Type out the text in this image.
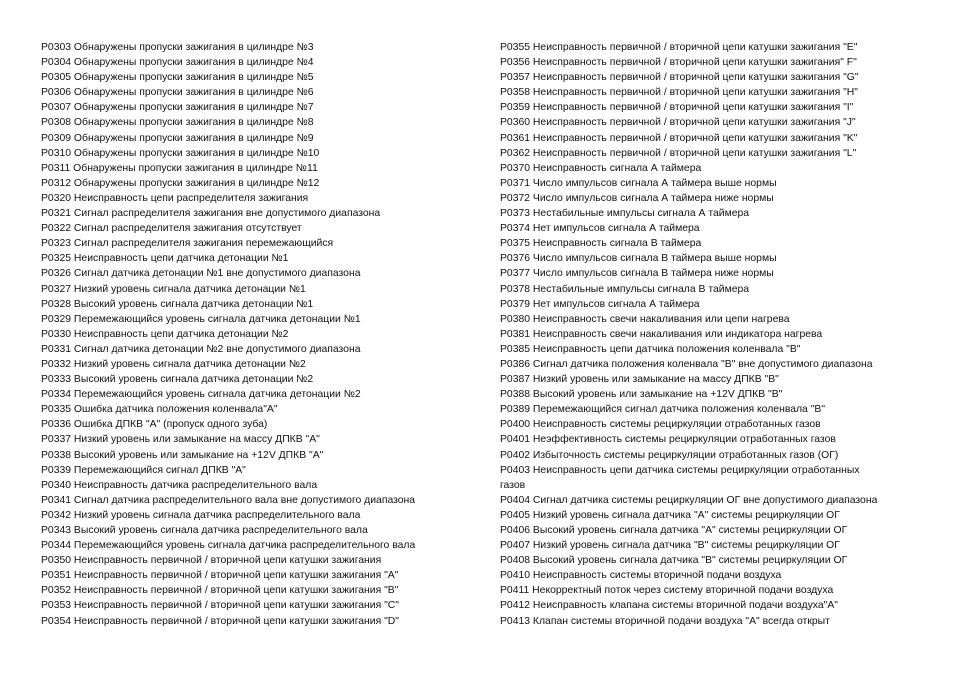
P0303 Обнаружены пропуски зажигания в цилиндре №3
P0304 Обнаружены пропуски зажигания в цилиндре №4
P0305 Обнаружены пропуски зажигания в цилиндре №5
P0306 Обнаружены пропуски зажигания в цилиндре №6
P0307 Обнаружены пропуски зажигания в цилиндре №7
P0308 Обнаружены пропуски зажигания в цилиндре №8
P0309 Обнаружены пропуски зажигания в цилиндре №9
P0310 Обнаружены пропуски зажигания в цилиндре №10
P0311 Обнаружены пропуски зажигания в цилиндре №11
P0312 Обнаружены пропуски зажигания в цилиндре №12
P0320 Неисправность цепи распределителя зажигания
P0321 Сигнал распределителя зажигания вне допустимого диапазона
P0322 Сигнал распределителя зажигания отсутствует
P0323 Сигнал распределителя зажигания перемежающийся
P0325 Неисправность цепи датчика детонации №1
P0326 Сигнал датчика детонации №1 вне допустимого диапазона
P0327 Низкий уровень сигнала датчика детонации №1
P0328 Высокий уровень сигнала датчика детонации №1
P0329 Перемежающийся уровень сигнала датчика детонации №1
P0330 Неисправность цепи датчика детонации №2
P0331 Сигнал датчика детонации №2 вне допустимого диапазона
P0332 Низкий уровень сигнала датчика детонации №2
P0333 Высокий уровень сигнала датчика детонации №2
P0334 Перемежающийся уровень сигнала датчика детонации №2
P0335 Ошибка датчика положения коленвала"А"
P0336 Ошибка ДПКВ "А" (пропуск одного зуба)
P0337 Низкий уровень или замыкание на массу ДПКВ "А"
P0338 Высокий уровень или замыкание на +12V ДПКВ "А"
P0339 Перемежающийся сигнал ДПКВ "А"
P0340 Неисправность датчика распределительного вала
P0341 Сигнал датчика распределительного вала вне допустимого диапазона
P0342 Низкий уровень сигнала датчика распределительного вала
P0343 Высокий уровень сигнала датчика распределительного вала
P0344 Перемежающийся уровень сигнала датчика распределительного вала
P0350 Неисправность первичной / вторичной цепи катушки зажигания
P0351 Неисправность первичной / вторичной цепи катушки зажигания "А"
P0352 Неисправность первичной / вторичной цепи катушки зажигания "B"
P0353 Неисправность первичной / вторичной цепи катушки зажигания "C"
P0354 Неисправность первичной / вторичной цепи катушки зажигания "D"
P0355 Неисправность первичной / вторичной цепи катушки зажигания "E"
P0356 Неисправность первичной / вторичной цепи катушки зажигания" F"
P0357 Неисправность первичной / вторичной цепи катушки зажигания "G"
P0358 Неисправность первичной / вторичной цепи катушки зажигания "H"
P0359 Неисправность первичной / вторичной цепи катушки зажигания "I"
P0360 Неисправность первичной / вторичной цепи катушки зажигания "J"
P0361 Неисправность первичной / вторичной цепи катушки зажигания "K"
P0362 Неисправность первичной / вторичной цепи катушки зажигания "L"
P0370 Неисправность сигнала А таймера
P0371 Число импульсов сигнала А таймера выше нормы
P0372 Число импульсов сигнала А таймера ниже нормы
P0373 Нестабильные импульсы сигнала А таймера
P0374 Нет импульсов сигнала А таймера
P0375 Неисправность сигнала В таймера
P0376 Число импульсов сигнала В таймера выше нормы
P0377 Число импульсов сигнала В таймера ниже нормы
P0378 Нестабильные импульсы сигнала В таймера
P0379 Нет импульсов сигнала А таймера
P0380 Неисправность свечи накаливания или цепи нагрева
P0381 Неисправность свечи накаливания или индикатора нагрева
P0385 Неисправность цепи датчика положения коленвала "B"
P0386 Сигнал датчика положения коленвала "B" вне допустимого диапазона
P0387 Низкий уровень или замыкание на массу ДПКВ "B"
P0388 Высокий уровень или замыкание на +12V ДПКВ "B"
P0389 Перемежающийся сигнал датчика положения коленвала "B"
P0400 Неисправность системы рециркуляции отработанных газов
P0401 Неэффективность системы рециркуляции отработанных газов
P0402 Избыточность системы рециркуляции отработанных газов (ОГ)
P0403 Неисправность цепи датчика системы рециркуляции отработанных
газов
P0404 Сигнал датчика системы рециркуляции ОГ вне допустимого диапазона
P0405 Низкий уровень сигнала датчика "A" системы рециркуляции ОГ
P0406 Высокий уровень сигнала датчика "A" системы рециркуляции ОГ
P0407 Низкий уровень сигнала датчика "B" системы рециркуляции ОГ
P0408 Высокий уровень сигнала датчика "B" системы рециркуляции ОГ
P0410 Неисправность системы вторичной подачи воздуха
P0411 Некорректный поток через систему вторичной подачи воздуха
P0412 Неисправность клапана системы вторичной подачи воздуха"А"
P0413 Клапан системы вторичной подачи воздуха "А" всегда открыт
